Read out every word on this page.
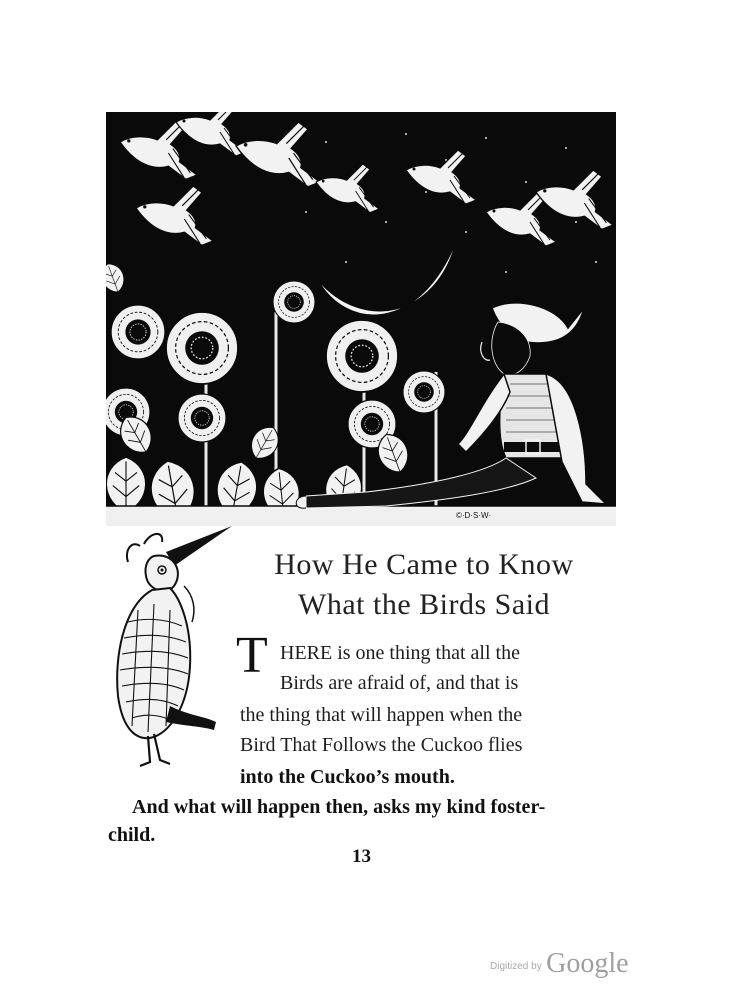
©·D·S·W·
How He Came to Know
What the Birds Said
T HERE is one thing that all the
Birds are afraid of, and that is
the thing that will happen when the
Bird That Follows the Cuckoo flies
into the Cuckoo’s mouth.
And what will happen then, asks my kind foster-
child.
13
Digitized by Google
